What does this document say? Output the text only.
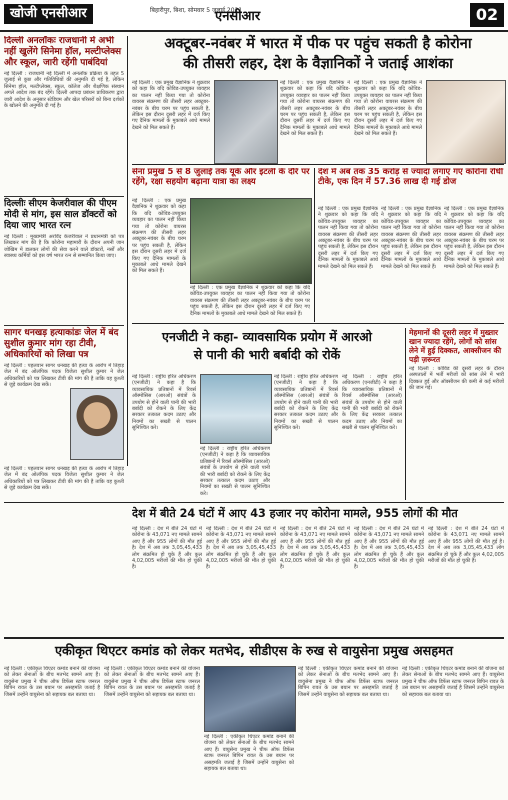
खोजी एनसीआर	बिहारीपुर, बिशा, सोमवार 5 जुलाई 2021
एनसीआर	02
दिल्ली अनलॉकः राजधानी में अभी नहीं खुलेंगे सिनेमा हॉल, मल्टीप्लेक्स और स्कूल, जारी रहेंगी पाबंदियां
नई दिल्ली : राजधानी नई दिल्ली में अनलॉक प्रक्रिया के तहत 5 जुलाई से कुछ और गतिविधियों की अनुमति दी गई है, लेकिन सिनेमा हॉल, मल्टीप्लेक्स, स्कूल, कॉलेज और शैक्षणिक संस्थान अगले आदेश तक बंद रहेंगे। दिल्ली आपदा प्रबंधन प्राधिकरण द्वारा जारी आदेश के अनुसार स्टेडियम और खेल परिसरों को बिना दर्शकों के खोलने की अनुमति दी गई है।
दिल्लीः सीएम केजरीवाल की पीएम मोदी से मांग, इस साल डॉक्टरों को दिया जाए भारत रत्न
नई दिल्ली : मुख्यमंत्री अरविंद केजरीवाल ने प्रधानमंत्री को पत्र लिखकर मांग की है कि कोरोना महामारी के दौरान अपनी जान जोखिम में डालकर लोगों की सेवा करने वाले डॉक्टरों, नर्सों और स्वास्थ्य कर्मियों को इस वर्ष भारत रत्न से सम्मानित किया जाए।
सागर धनखड़ हत्याकांडः जेल में बंद सुशील कुमार मांग रहा टीवी, अधिकारियों को लिखा पत्र
नई दिल्ली : पहलवान सागर धनखड़ की हत्या के आरोप में तिहाड़ जेल में बंद ओलंपिक पदक विजेता सुशील कुमार ने जेल अधिकारियों को पत्र लिखकर टीवी की मांग की है ताकि वह कुश्ती से जुड़े कार्यक्रम देख सकें।
अक्टूबर-नवंबर में भारत में पीक पर पहुंच सकती है कोरोना
की तीसरी लहर, देश के वैज्ञानिकों ने जताई आशंका
नई दिल्ली : एक प्रमुख वैज्ञानिक ने शुक्रवार को कहा कि यदि कोविड-उपयुक्त व्यवहार का पालन नहीं किया गया तो कोरोना वायरस संक्रमण की तीसरी लहर अक्टूबर-नवंबर के बीच चरम पर पहुंच सकती है, लेकिन इस दौरान दूसरी लहर में दर्ज किए गए दैनिक मामलों के मुकाबले आधे मामले देखने को मिल सकते हैं।
नई दिल्ली : एक प्रमुख वैज्ञानिक ने शुक्रवार को कहा कि यदि कोविड-उपयुक्त व्यवहार का पालन नहीं किया गया तो कोरोना वायरस संक्रमण की तीसरी लहर अक्टूबर-नवंबर के बीच चरम पर पहुंच सकती है, लेकिन इस दौरान दूसरी लहर में दर्ज किए गए दैनिक मामलों के मुकाबले आधे मामले देखने को मिल सकते हैं।
नई दिल्ली : एक प्रमुख वैज्ञानिक ने शुक्रवार को कहा कि यदि कोविड-उपयुक्त व्यवहार का पालन नहीं किया गया तो कोरोना वायरस संक्रमण की तीसरी लहर अक्टूबर-नवंबर के बीच चरम पर पहुंच सकती है, लेकिन इस दौरान दूसरी लहर में दर्ज किए गए दैनिक मामलों के मुकाबले आधे मामले देखने को मिल सकते हैं।
सेना प्रमुख 5 से 8 जुलाई तक यूके और इटली के दौरे पर रहेंगे, रक्षा सहयोग बढ़ाना यात्रा का लक्ष्य
नई दिल्ली : एक प्रमुख वैज्ञानिक ने शुक्रवार को कहा कि यदि कोविड-उपयुक्त व्यवहार का पालन नहीं किया गया तो कोरोना वायरस संक्रमण की तीसरी लहर अक्टूबर-नवंबर के बीच चरम पर पहुंच सकती है, लेकिन इस दौरान दूसरी लहर में दर्ज किए गए दैनिक मामलों के मुकाबले आधे मामले देखने को मिल सकते हैं।
नई दिल्ली : एक प्रमुख वैज्ञानिक ने शुक्रवार को कहा कि यदि कोविड-उपयुक्त व्यवहार का पालन नहीं किया गया तो कोरोना वायरस संक्रमण की तीसरी लहर अक्टूबर-नवंबर के बीच चरम पर पहुंच सकती है, लेकिन इस दौरान दूसरी लहर में दर्ज किए गए दैनिक मामलों के मुकाबले आधे मामले देखने को मिल सकते हैं।
देश में अब तक 35 करोड़ से ज्यादा लगाए गए कोरोना रोधी टीके, एक दिन में 57.36 लाख दी गई डोज
नई दिल्ली : एक प्रमुख वैज्ञानिक ने शुक्रवार को कहा कि यदि कोविड-उपयुक्त व्यवहार का पालन नहीं किया गया तो कोरोना वायरस संक्रमण की तीसरी लहर अक्टूबर-नवंबर के बीच चरम पर पहुंच सकती है, लेकिन इस दौरान दूसरी लहर में दर्ज किए गए दैनिक मामलों के मुकाबले आधे मामले देखने को मिल सकते हैं।
नई दिल्ली : एक प्रमुख वैज्ञानिक ने शुक्रवार को कहा कि यदि कोविड-उपयुक्त व्यवहार का पालन नहीं किया गया तो कोरोना वायरस संक्रमण की तीसरी लहर अक्टूबर-नवंबर के बीच चरम पर पहुंच सकती है, लेकिन इस दौरान दूसरी लहर में दर्ज किए गए दैनिक मामलों के मुकाबले आधे मामले देखने को मिल सकते हैं।
नई दिल्ली : एक प्रमुख वैज्ञानिक ने शुक्रवार को कहा कि यदि कोविड-उपयुक्त व्यवहार का पालन नहीं किया गया तो कोरोना वायरस संक्रमण की तीसरी लहर अक्टूबर-नवंबर के बीच चरम पर पहुंच सकती है, लेकिन इस दौरान दूसरी लहर में दर्ज किए गए दैनिक मामलों के मुकाबले आधे मामले देखने को मिल सकते हैं।
एनजीटी ने कहा- व्यावसायिक प्रयोग में आरओ
से पानी की भारी बर्बादी को रोकें
नई दिल्ली : राष्ट्रीय हरित अधिकरण (एनजीटी) ने कहा है कि व्यावसायिक प्रतिष्ठानों में रिवर्स ऑस्मोसिस (आरओ) संयंत्रों के उपयोग से होने वाली पानी की भारी बर्बादी को रोकने के लिए केंद्र सरकार तत्काल कदम उठाए और नियमों का सख्ती से पालन सुनिश्चित करे।
नई दिल्ली : राष्ट्रीय हरित अधिकरण (एनजीटी) ने कहा है कि व्यावसायिक प्रतिष्ठानों में रिवर्स ऑस्मोसिस (आरओ) संयंत्रों के उपयोग से होने वाली पानी की भारी बर्बादी को रोकने के लिए केंद्र सरकार तत्काल कदम उठाए और नियमों का सख्ती से पालन सुनिश्चित करे।
नई दिल्ली : राष्ट्रीय हरित अधिकरण (एनजीटी) ने कहा है कि व्यावसायिक प्रतिष्ठानों में रिवर्स ऑस्मोसिस (आरओ) संयंत्रों के उपयोग से होने वाली पानी की भारी बर्बादी को रोकने के लिए केंद्र सरकार तत्काल कदम उठाए और नियमों का सख्ती से पालन सुनिश्चित करे।
नई दिल्ली : राष्ट्रीय हरित अधिकरण (एनजीटी) ने कहा है कि व्यावसायिक प्रतिष्ठानों में रिवर्स ऑस्मोसिस (आरओ) संयंत्रों के उपयोग से होने वाली पानी की भारी बर्बादी को रोकने के लिए केंद्र सरकार तत्काल कदम उठाए और नियमों का सख्ती से पालन सुनिश्चित करे।
मेहमानों की दूसरी लहर में मुख्तार खान ज्यादा रहेंगे, लोगों को सांस लेने में हुई दिक्कत, आक्सीजन की पड़ी ज़रूरत
नई दिल्ली : कोविड की दूसरी लहर के दौरान अस्पतालों में भर्ती मरीजों को सांस लेने में भारी दिक्कत हुई और ऑक्सीजन की कमी से कई मरीजों की जान गई।
देश में बीते 24 घंटों में आए 43 हजार नए कोरोना मामले, 955 लोगों की मौत
नई दिल्ली : पहलवान सागर धनखड़ की हत्या के आरोप में तिहाड़ जेल में बंद ओलंपिक पदक विजेता सुशील कुमार ने जेल अधिकारियों को पत्र लिखकर टीवी की मांग की है ताकि वह कुश्ती से जुड़े कार्यक्रम देख सकें।
नई दिल्ली : देश में बीते 24 घंटों में कोरोना के 43,071 नए मामले सामने आए हैं और 955 लोगों की मौत हुई है। देश में अब तक 3,05,45,433 लोग संक्रमित हो चुके हैं और कुल 4,02,005 मरीजों की मौत हो चुकी है।
नई दिल्ली : देश में बीते 24 घंटों में कोरोना के 43,071 नए मामले सामने आए हैं और 955 लोगों की मौत हुई है। देश में अब तक 3,05,45,433 लोग संक्रमित हो चुके हैं और कुल 4,02,005 मरीजों की मौत हो चुकी है।
नई दिल्ली : देश में बीते 24 घंटों में कोरोना के 43,071 नए मामले सामने आए हैं और 955 लोगों की मौत हुई है। देश में अब तक 3,05,45,433 लोग संक्रमित हो चुके हैं और कुल 4,02,005 मरीजों की मौत हो चुकी है।
नई दिल्ली : देश में बीते 24 घंटों में कोरोना के 43,071 नए मामले सामने आए हैं और 955 लोगों की मौत हुई है। देश में अब तक 3,05,45,433 लोग संक्रमित हो चुके हैं और कुल 4,02,005 मरीजों की मौत हो चुकी है।
नई दिल्ली : देश में बीते 24 घंटों में कोरोना के 43,071 नए मामले सामने आए हैं और 955 लोगों की मौत हुई है। देश में अब तक 3,05,45,433 लोग संक्रमित हो चुके हैं और कुल 4,02,005 मरीजों की मौत हो चुकी है।
एकीकृत थिएटर कमांड को लेकर मतभेद, सीडीएस के रुख से वायुसेना प्रमुख असहमत
नई दिल्ली : एकीकृत थिएटर कमांड बनाने की योजना को लेकर सेनाओं के बीच मतभेद सामने आए हैं। वायुसेना प्रमुख ने चीफ ऑफ डिफेंस स्टाफ जनरल बिपिन रावत के उस बयान पर असहमति जताई है जिसमें उन्होंने वायुसेना को सहायक बल बताया था।
नई दिल्ली : एकीकृत थिएटर कमांड बनाने की योजना को लेकर सेनाओं के बीच मतभेद सामने आए हैं। वायुसेना प्रमुख ने चीफ ऑफ डिफेंस स्टाफ जनरल बिपिन रावत के उस बयान पर असहमति जताई है जिसमें उन्होंने वायुसेना को सहायक बल बताया था।
नई दिल्ली : एकीकृत थिएटर कमांड बनाने की योजना को लेकर सेनाओं के बीच मतभेद सामने आए हैं। वायुसेना प्रमुख ने चीफ ऑफ डिफेंस स्टाफ जनरल बिपिन रावत के उस बयान पर असहमति जताई है जिसमें उन्होंने वायुसेना को सहायक बल बताया था।
नई दिल्ली : एकीकृत थिएटर कमांड बनाने की योजना को लेकर सेनाओं के बीच मतभेद सामने आए हैं। वायुसेना प्रमुख ने चीफ ऑफ डिफेंस स्टाफ जनरल बिपिन रावत के उस बयान पर असहमति जताई है जिसमें उन्होंने वायुसेना को सहायक बल बताया था।
नई दिल्ली : एकीकृत थिएटर कमांड बनाने की योजना को लेकर सेनाओं के बीच मतभेद सामने आए हैं। वायुसेना प्रमुख ने चीफ ऑफ डिफेंस स्टाफ जनरल बिपिन रावत के उस बयान पर असहमति जताई है जिसमें उन्होंने वायुसेना को सहायक बल बताया था।
